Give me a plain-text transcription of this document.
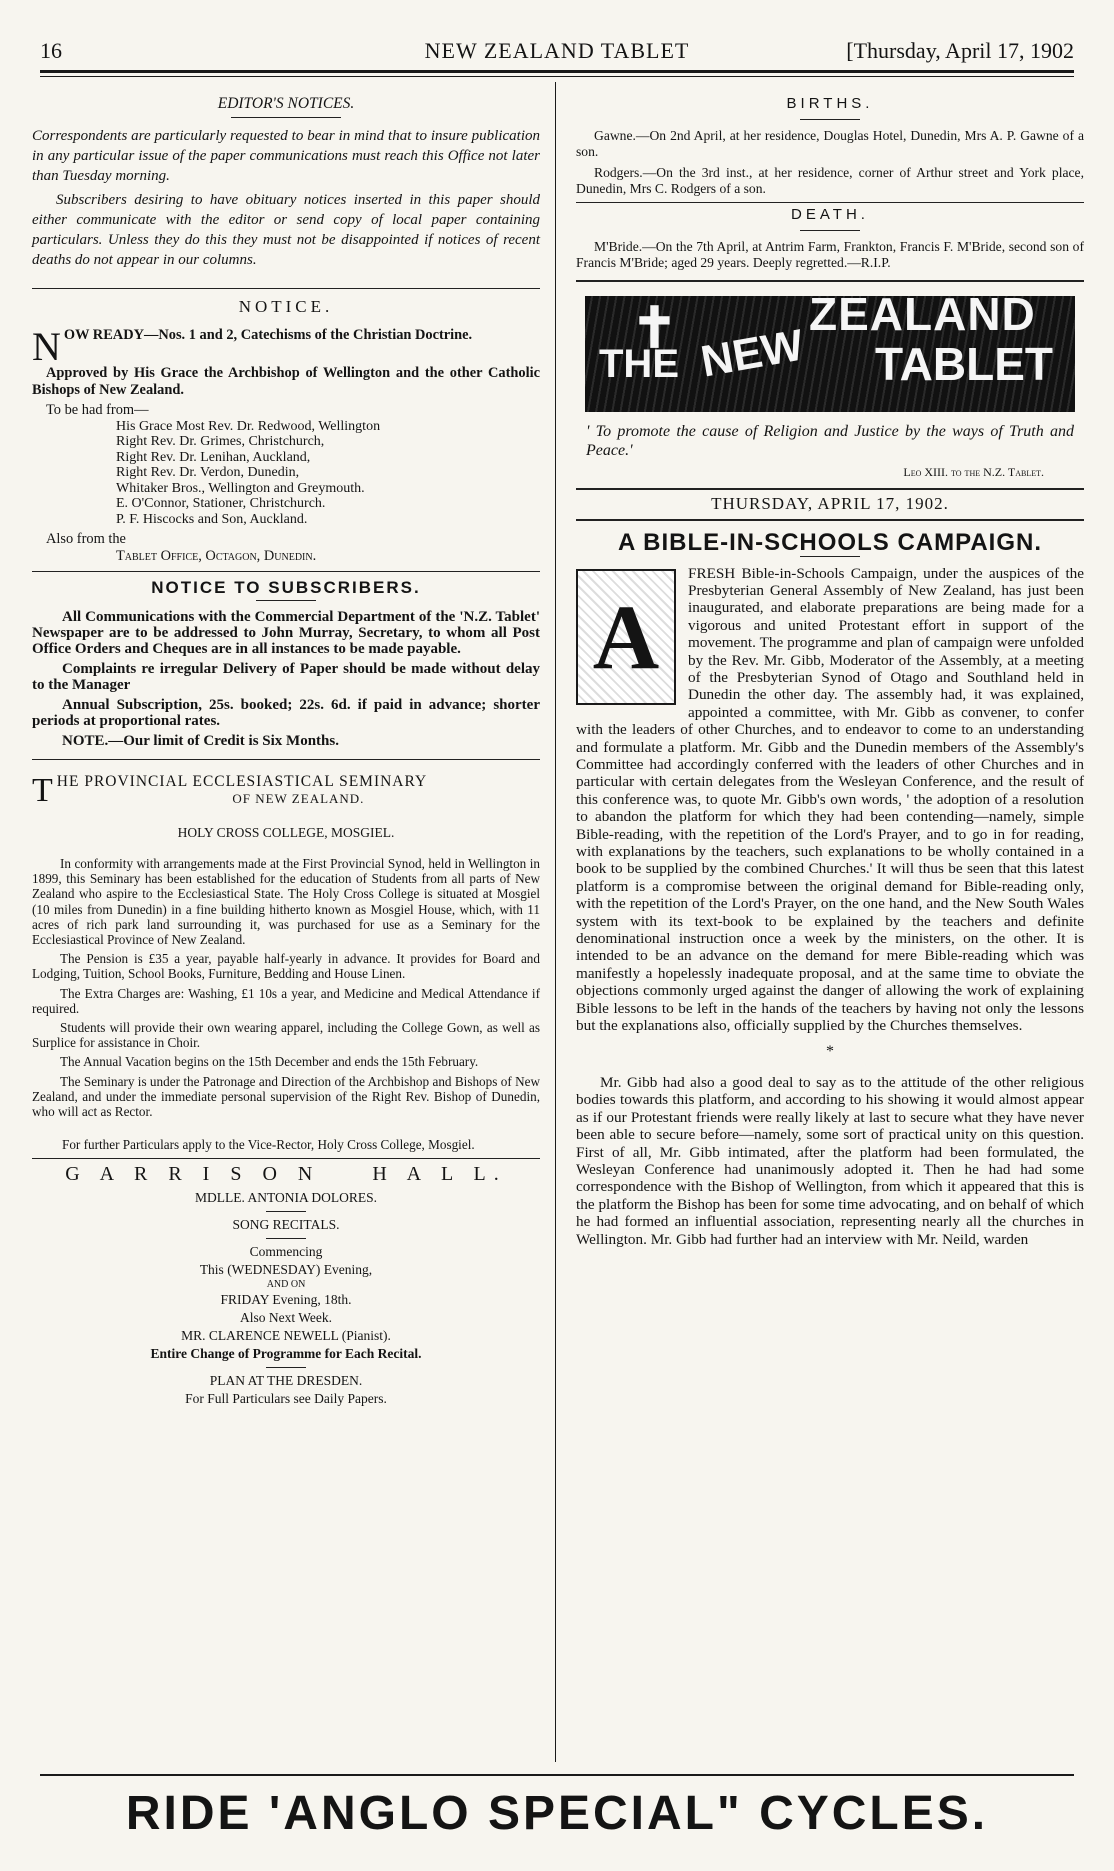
16	NEW ZEALAND TABLET	[Thursday, April 17, 1902
EDITOR'S NOTICES.

Correspondents are particularly requested to bear in mind that to insure publication in any particular issue of the paper communications must reach this Office not later than Tuesday morning.

Subscribers desiring to have obituary notices inserted in this paper should either communicate with the editor or send copy of local paper containing particulars. Unless they do this they must not be disappointed if notices of recent deaths do not appear in our columns.

NOTICE.

NOW READY—Nos. 1 and 2, Catechisms of the Christian Doctrine.

Approved by His Grace the Archbishop of Wellington and the other Catholic Bishops of New Zealand.

To be had from—

His Grace Most Rev. Dr. Redwood, Wellington
Right Rev. Dr. Grimes, Christchurch,
Right Rev. Dr. Lenihan, Auckland,
Right Rev. Dr. Verdon, Dunedin,
Whitaker Bros., Wellington and Greymouth.
E. O'Connor, Stationer, Christchurch.
P. F. Hiscocks and Son, Auckland.

Also from the

Tablet Office, Octagon, Dunedin.
NOTICE TO SUBSCRIBERS.

All Communications with the Commercial Department of the 'N.Z. Tablet' Newspaper are to be addressed to John Murray, Secretary, to whom all Post Office Orders and Cheques are in all instances to be made payable.

Complaints re irregular Delivery of Paper should be made without delay to the Manager

Annual Subscription, 25s. booked; 22s. 6d. if paid in advance; shorter periods at proportional rates.

NOTE.—Our limit of Credit is Six Months.

THE PROVINCIAL ECCLESIASTICAL SEMINARY
OF NEW ZEALAND.
HOLY CROSS COLLEGE, MOSGIEL.

In conformity with arrangements made at the First Provincial Synod, held in Wellington in 1899, this Seminary has been established for the education of Students from all parts of New Zealand who aspire to the Ecclesiastical State. The Holy Cross College is situated at Mosgiel (10 miles from Dunedin) in a fine building hitherto known as Mosgiel House, which, with 11 acres of rich park land surrounding it, was purchased for use as a Seminary for the Ecclesiastical Province of New Zealand.

The Pension is £35 a year, payable half-yearly in advance. It provides for Board and Lodging, Tuition, School Books, Furniture, Bedding and House Linen.

The Extra Charges are: Washing, £1 10s a year, and Medicine and Medical Attendance if required.

Students will provide their own wearing apparel, including the College Gown, as well as Surplice for assistance in Choir.

The Annual Vacation begins on the 15th December and ends the 15th February.

The Seminary is under the Patronage and Direction of the Archbishop and Bishops of New Zealand, and under the immediate personal supervision of the Right Rev. Bishop of Dunedin, who will act as Rector.

For further Particulars apply to the Vice-Rector, Holy Cross College, Mosgiel.

G A R R I S O N    H A L L.
MDLLE. ANTONIA DOLORES.
SONG RECITALS.
Commencing
This (WEDNESDAY) Evening,
AND ON
FRIDAY Evening, 18th.
Also Next Week.
MR. CLARENCE NEWELL (Pianist).
Entire Change of Programme for Each Recital.
PLAN AT THE DRESDEN.
For Full Particulars see Daily Papers.
BIRTHS.

Gawne.—On 2nd April, at her residence, Douglas Hotel, Dunedin, Mrs A. P. Gawne of a son.

Rodgers.—On the 3rd inst., at her residence, corner of Arthur street and York place, Dunedin, Mrs C. Rodgers of a son.

DEATH.

M'Bride.—On the 7th April, at Antrim Farm, Frankton, Francis F. M'Bride, second son of Francis M'Bride; aged 29 years. Deeply regretted.—R.I.P.

✝
THE NEW
ZEALAND
TABLET

' To promote the cause of Religion and Justice by the ways of Truth and Peace.'

Leo XIII. to the N.Z. Tablet.
THURSDAY, APRIL 17, 1902.
A BIBLE-IN-SCHOOLS CAMPAIGN.
A

FRESH Bible-in-Schools Campaign, under the auspices of the Presbyterian General Assembly of New Zealand, has just been inaugurated, and elaborate preparations are being made for a vigorous and united Protestant effort in support of the movement. The programme and plan of campaign were unfolded by the Rev. Mr. Gibb, Moderator of the Assembly, at a meeting of the Presbyterian Synod of Otago and Southland held in Dunedin the other day. The assembly had, it was explained, appointed a committee, with Mr. Gibb as convener, to confer with the leaders of other Churches, and to endeavor to come to an understanding and formulate a platform. Mr. Gibb and the Dunedin members of the Assembly's Committee had accordingly conferred with the leaders of other Churches and in particular with certain delegates from the Wesleyan Conference, and the result of this conference was, to quote Mr. Gibb's own words, ' the adoption of a resolution to abandon the platform for which they had been contending—namely, simple Bible-reading, with the repetition of the Lord's Prayer, and to go in for reading, with explanations by the teachers, such explanations to be wholly contained in a book to be supplied by the combined Churches.' It will thus be seen that this latest platform is a compromise between the original demand for Bible-reading only, with the repetition of the Lord's Prayer, on the one hand, and the New South Wales system with its text-book to be explained by the teachers and definite denominational instruction once a week by the ministers, on the other. It is intended to be an advance on the demand for mere Bible-reading which was manifestly a hopelessly inadequate proposal, and at the same time to obviate the objections commonly urged against the danger of allowing the work of explaining Bible lessons to be left in the hands of the teachers by having not only the lessons but the explanations also, officially supplied by the Churches themselves.

*

Mr. Gibb had also a good deal to say as to the attitude of the other religious bodies towards this platform, and according to his showing it would almost appear as if our Protestant friends were really likely at last to secure what they have never been able to secure before—namely, some sort of practical unity on this question. First of all, Mr. Gibb intimated, after the platform had been formulated, the Wesleyan Conference had unanimously adopted it. Then he had had some correspondence with the Bishop of Wellington, from which it appeared that this is the platform the Bishop has been for some time advocating, and on behalf of which he had formed an influential association, representing nearly all the churches in Wellington. Mr. Gibb had further had an interview with Mr. Neild, warden

RIDE 'ANGLO SPECIAL" CYCLES.
